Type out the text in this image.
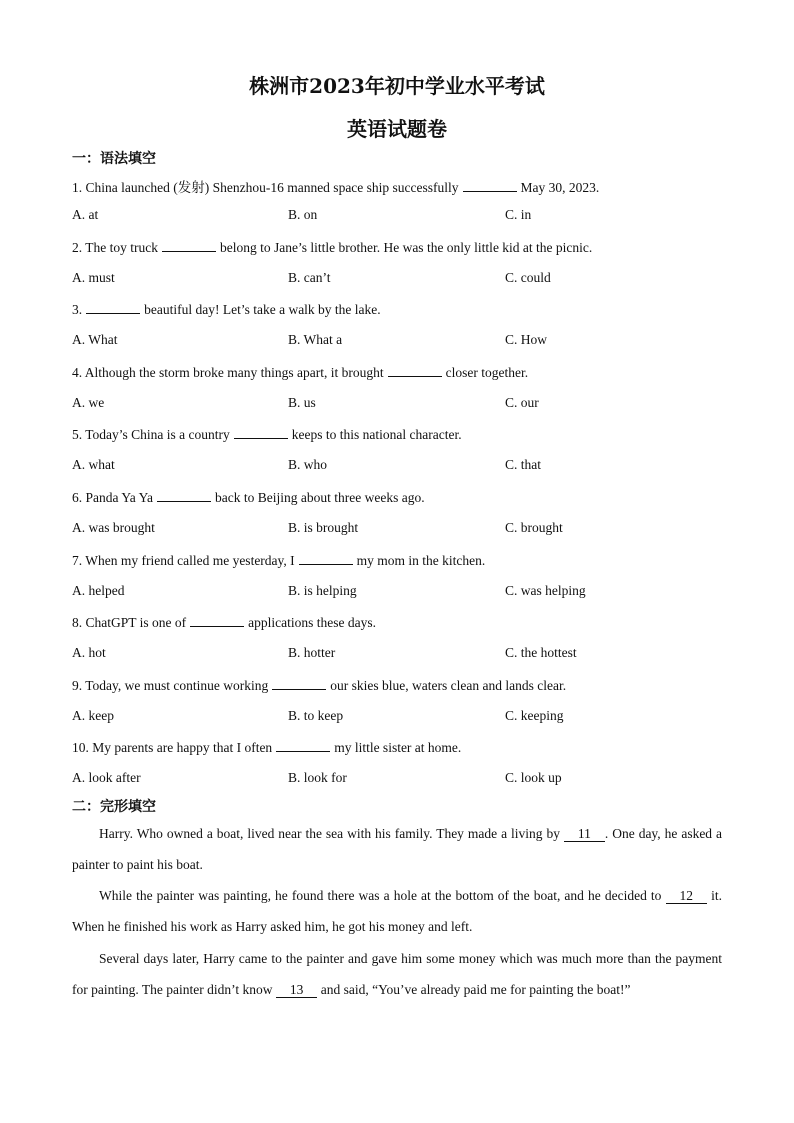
株洲市2023年初中学业水平考试
英语试题卷
一：语法填空
1. China launched (发射) Shenzhou-16 manned space ship successfully	May 30, 2023.
A. at	B. on	C. in
2. The toy truck	belong to Jane’s little brother. He was the only little kid at the picnic.
A. must	B. can’t	C. could
3.	beautiful day! Let’s take a walk by the lake.
A. What	B. What a	C. How
4. Although the storm broke many things apart, it brought	closer together.
A. we	B. us	C. our
5. Today’s China is a country	keeps to this national character.
A. what	B. who	C. that
6. Panda Ya Ya	back to Beijing about three weeks ago.
A. was brought	B. is brought	C. brought
7. When my friend called me yesterday, I	my mom in the kitchen.
A. helped	B. is helping	C. was helping
8. ChatGPT is one of	applications these days.
A. hot	B. hotter	C. the hottest
9. Today, we must continue working	our skies blue, waters clean and lands clear.
A. keep	B. to keep	C. keeping
10. My parents are happy that I often	my little sister at home.
A. look after	B. look for	C. look up
二：完形填空
Harry. Who owned a boat, lived near the sea with his family. They made a living by 11 . One day, he asked a painter to paint his boat.
While the painter was painting, he found there was a hole at the bottom of the boat, and he decided to 12 it. When he finished his work as Harry asked him, he got his money and left.
Several days later, Harry came to the painter and gave him some money which was much more than the payment for painting. The painter didn’t know 13 and said, “You’ve already paid me for painting the boat!”
